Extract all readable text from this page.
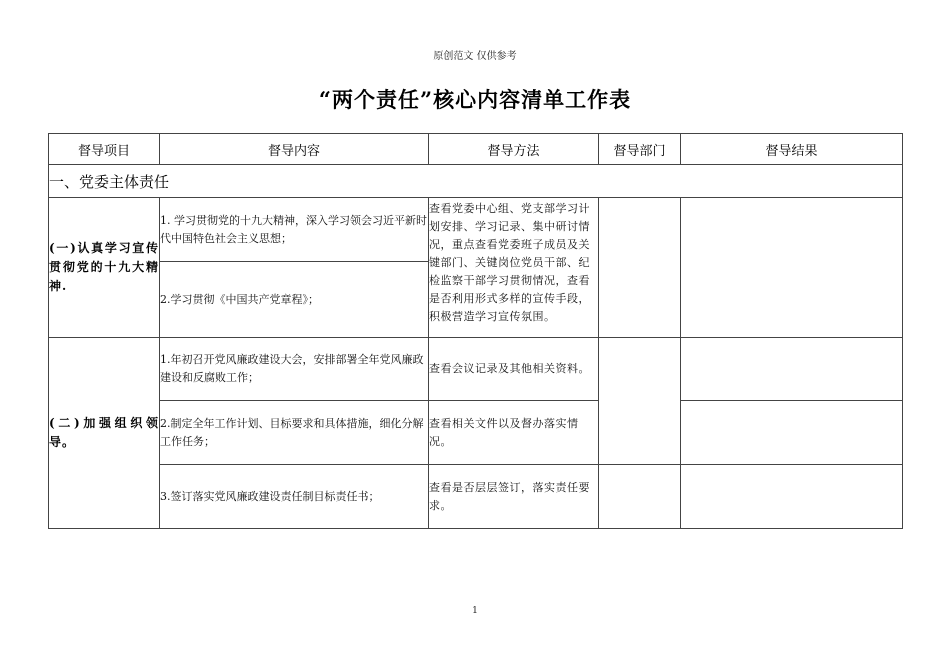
原创范文 仅供参考
“两个责任”核心内容清单工作表
督导项目	督导内容	督导方法	督导部门	督导结果
一、党委主体责任				
(一)认真学习宣传贯彻党的十九大精神.	1. 学习贯彻党的十九大精神，深入学习领会习近平新时代中国特色社会主义思想；	查看党委中心组、党支部学习计划安排、学习记录、集中研讨情况，重点查看党委班子成员及关键部门、关键岗位党员干部、纪检监察干部学习贯彻情况，查看是否利用形式多样的宣传手段，积极营造学习宣传氛围。		
	2.学习贯彻《中国共产党章程》；			
(二)加强组织领导。	1.年初召开党风廉政建设大会，安排部署全年党风廉政建设和反腐败工作；	查看会议记录及其他相关资料。		
	2.制定全年工作计划、目标要求和具体措施，细化分解工作任务；	查看相关文件以及督办落实情况。		
	3.签订落实党风廉政建设责任制目标责任书；	查看是否层层签订，落实责任要求。		
1
